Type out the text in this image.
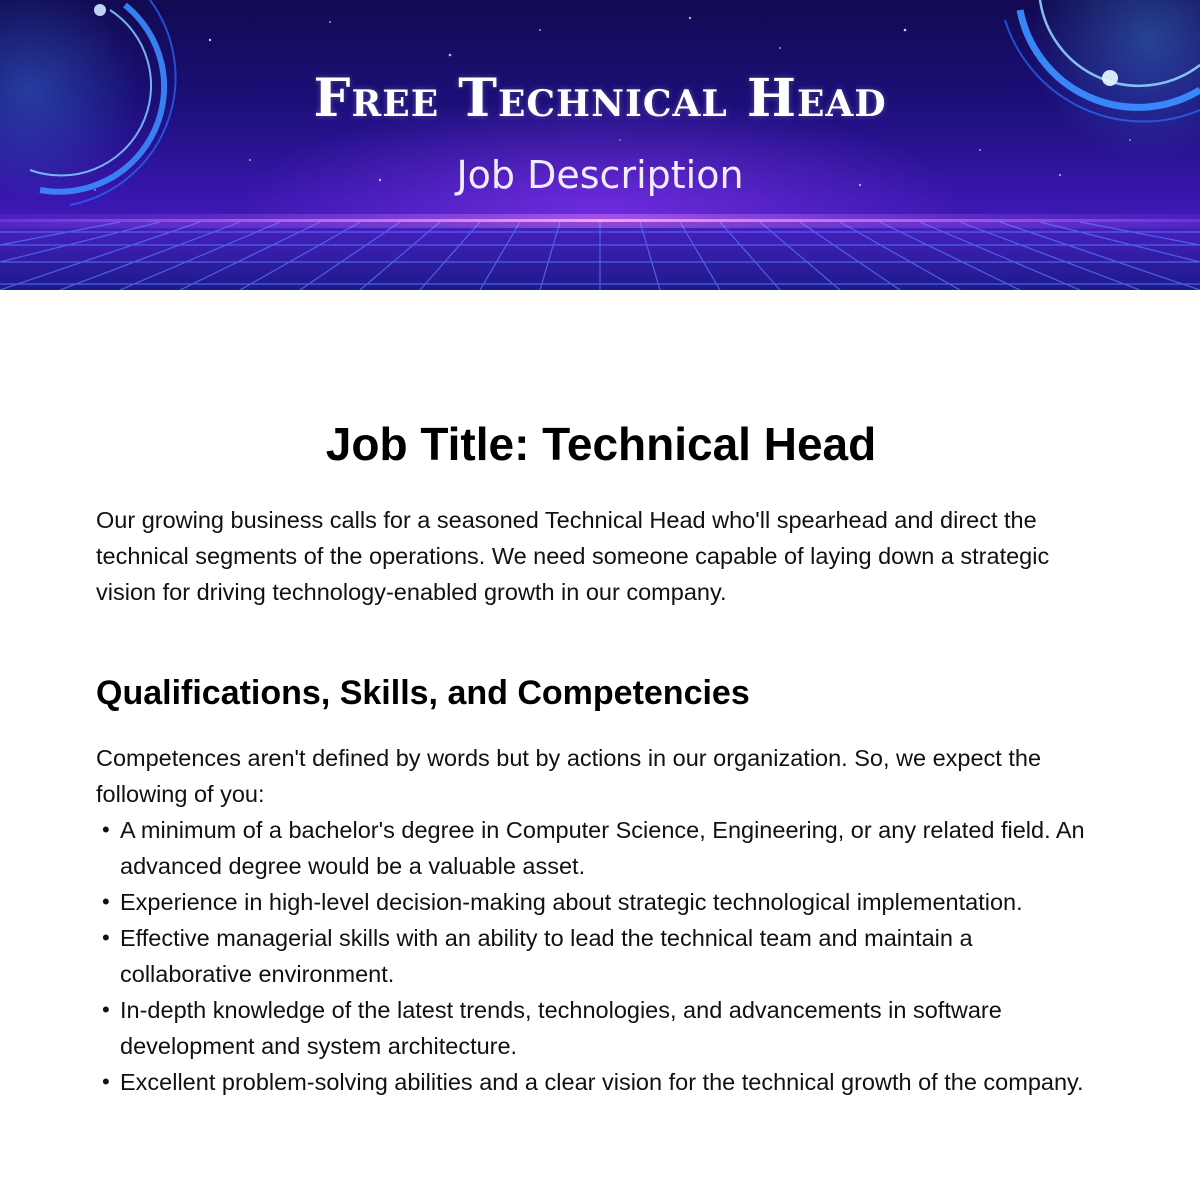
Free Technical Head
Job Description
Job Title: Technical Head

Our growing business calls for a seasoned Technical Head who'll spearhead and direct the technical segments of the operations. We need someone capable of laying down a strategic vision for driving technology-enabled growth in our company.

Qualifications, Skills, and Competencies

Competences aren't defined by words but by actions in our organization. So, we expect the following of you:

• A minimum of a bachelor's degree in Computer Science, Engineering, or any related field. An advanced degree would be a valuable asset.
• Experience in high-level decision-making about strategic technological implementation.
• Effective managerial skills with an ability to lead the technical team and maintain a collaborative environment.
• In-depth knowledge of the latest trends, technologies, and advancements in software development and system architecture.
• Excellent problem-solving abilities and a clear vision for the technical growth of the company.
